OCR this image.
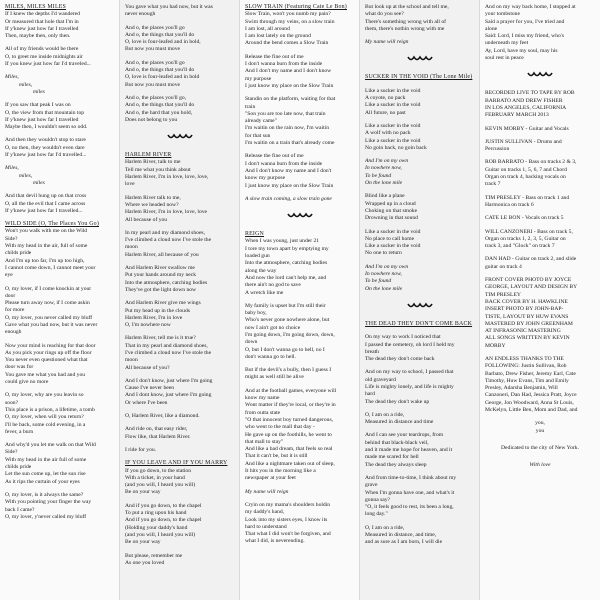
MILES, MILES MILES

If I knew the depths I'd wandered

Or measured that hole that I'm in

If y'knew just how far I travelled

Then, maybe then, only then.

All of my friends would be there

O, to greet me inside midnights air

If you knew just how far I'd traveled...

Miles,

miles,

miles

If you saw that peak I was on

O, the view from that mountain top

If y'knew just how far I travelled

Maybe then, I wouldn't seem so odd.

And then they wouldn't stop to stare

O, no then, they wouldn't even dare

If y'knew just how far I'd travelled...

Miles,

miles,

miles

And that devil hung up on that cross

O, all the the evil that I came across

If y'knew just how far I travelled...

WILD SIDE (O, The Places You Go)

Won't you walk with me on the Wild

Side?

With my head in the air, full of some

childs pride

And I'm up too far, I'm up too high,

I cannot come down, I cannot meet your

eye

O, my lover, if I come knockin at your

door

Please turn away now, if I come askin

for more

O, my lover, you never called my bluff

Gave what you had now, but it was never

enough

Now your mind is reaching for that door

As you pick your rings up off the floor

You never even questioned what that

door was for

You gave me what you had and you

could give no more

O, my lover, why are you leavin so

soon?

This place is a prison, a lifetime, a tomb

O, my lover, when will you return?

I'll be back, some cold evening, in a

fever, a burn

And why'd you let me walk on that Wild

Side?

With my head in the air full of some

childs pride

Let the sun come up, let the sun rise

As it rips the curtain of your eyes

O, my lover, is it always the same?

With you pointing your finger the way

back I came?

O, my lover, y'never called my bluff

You gave what you had now, but it was

never enough

And o, the places you'll go

And o, the things that you'll do

O, love is four-leafed and in bold,

But now you must move

And o, the places you'll go

And o, the things that you'll do

O, love is four-leafed and in bold

But now you must move

And o, the places you'll go,

And o, the things that you'll do

And o, the hard that you hold,

Does not belong to you

HARLEM RIVER

Harlem River, talk to me

Tell me what you think about

Harlem River, I'm in love, love, love,

love

Harlem River talk to me,

Where we headed now?

Harlem River, I'm in love, love, love

All because of you

In my pearl and my diamond shoes,

I've climbed a cloud now I've stole the

moon

Harlem River, all because of you

And Harlem River swallow me

Put your hands around my neck

Into the atmosphere, catching bodies

They've got the light down now

And Harlem River give me wings

Put my head up in the clouds

Harlem River, I'm in love

O, I'm nowhere now

Harlem River, tell me is it true?

That in my pearl and diamond shoes,

I've climbed a cloud now I've stole the

moon

All because of you?

And I don't know, just where I'm going

Cause I've never been

And I dont know, just where I'm going

Or where I've been

O, Harlem River, like a diamond.

And ride on, that easy rider,

Flow like, that Harlem River.

I ride for you.

IF YOU LEAVE AND IF YOU MARRY

If you go down, to the station

With a ticket, in your hand

(and you will, I heard you will)

Be on your way

And if you go down, to the chapel

To put a ring upon his hand

And if you go down, to the chapel

(Holding your daddy's hand

(and you will, I heard you will)

Be on your way

But please, remember me

As one you loved

SLOW TRAIN (Featuring Cate Le Bon)

Slow Train, won't you numb my pain?

Swim through my veins, on a slow train

I am lost, all around

I am lost lately on the ground

Around the bend comes a Slow Train

Release the fine out of me

I don't wanna burn from the inside

And I don't my name and I don't know

my purpose

I just know my place on the Slow Train

Standin on the platform, waiting for that

train

"Son you are too late now, that train

already came"

I'm waitin on the rain now, I'm waitin

for that sun

I'm waitin on a train that's already come

Release the fine out of me

I don't wanna burn from the inside

And I don't know my name and I don't

know my purpose

I just know my place on the Slow Train

A slow train coming, a slow train gone

REIGN

When I was young, just under 21

I tore my town apart by emptying my

loaded gun

Into the atmosphere, catching bodies

along the way

And now the lord can't help me, and

there ain't no god to save

A wretch like me

My family is upset but I'm still their

baby boy,

Who's never gone nowhere alone, but

now I ain't got no choice

I'm going down, I'm going down, down,

down

O, but I don't wanna go to hell, no I

don't wanna go to hell.

But if the devil's a bully, then I guess I

might as well still be alive

And at the football games, everyone will

know my name

Wont matter if they're local, or they're in

from outta state

"O that innocent boy turned dangerous,

who went to the mall that day -

He gave up on the foothills, he went to

that mall to stay"

And like a bad dream, that feels so real

That it can't be, but it is still

And like a nightmare taken out of sleep,

It hits you in the morning like a

newspaper at your feet

My name will reign

Cryin on my mama's shoulders holdin

my daddy's hand,

Look into my sisters eyes, I know its

hard to understand

That what I did won't be forgiven, and

what I did, is neverending.

But look up at the school and tell me,

what do you see?

There's something wrong with all of

them, there's nothin wrong with me

My name will reign

SUCKER IN THE VOID (The Lone Mile)

Like a sucker in the void

A coyote, no pack

Like a sucker in the void

All future, no past

Like a sucker in the void

A wolf with no pack

Like a sucker in the void

No goin back, no goin back

And I'm on my own

In nowhere now,

To be found

On the lone mile

Blind like a plane

Wrapped up in a cloud

Choking on that smoke

Drowning in that sound

Like a sucker in the void

No place to call home

Like a sucker in the void

No one to return

And I'm on my own

In nowhere now,

To be found

On the lone mile

THE DEAD THEY DON'T COME BACK

On my way to work I noticed that

I passed the cemetery, oh lord I held my

breath

The dead they don't come back

And on my way to school, I passed that

old graveyard

Life is mighty lonely, and life is mighty

hard

The dead they don't wake up

O, I am on a ride,

Measured in distance and time

And I can see your teardrops, from

behind that black-black veil,

and it made me hope for heaven, and it

made me scared for hell

The dead they always sleep

And from time-to-time, I think about my

grave

When I'm gonna have one, and what's it

gonna say?

"O, it feels good to rest, its been a long,

long day."

O, I am on a ride,

Measured in distance, and time,

and as sure as I am born, I will die

And on my way back home, I stopped at

your tombstone

Said a prayer for you, I've tried and

alone

Said: Lord, I miss my friend, who's

underneath my feet

Ay, Lord, have my soul, may his

soul rest in peace

RECORDED LIVE TO TAPE BY ROB

BARBATO AND DREW FISHER

IN LOS ANGELES, CALIFORNIA

FEBRUARY MARCH 2013

KEVIN MORBY - Guitar and Vocals

JUSTIN SULLIVAN - Drums and

Percussion

ROB BARBATO - Bass on tracks 2 & 3,

Guitar on tracks 1, 5, 6, 7 and Chord

Organ on track 4, backing vocals on

track 7

TIM PRESLEY - Bass on track 1 and

Harmonica on track 6

CATE LE BON - Vocals on track 5

WILL CANZONERI - Bass on track 5,

Organ on tracks 1, 2, 3, 5, Guitar on

track 3, and "Glock" on track 7

DAN HAD - Guitar on track 2, and slide

guitar on track 4

FRONT COVER PHOTO BY JOYCE

GEORGE, LAYOUT AND DESIGN BY

TIM PRESLEY

BACK COVER BY H. HAWKLINE

INSERT PHOTO BY JOHN-BAP-

TISTE, LAYOUT BY HUW EVANS

MASTERED BY JOHN GREENHAM

AT INFRASONIC MASTERING

ALL SONGS WRITTEN BY KEVIN

MORBY

AN ENDLESS THANKS TO THE

FOLLOWING: Justin Sullivan, Rob

Barbato, Drew Fisher, Jeremy Earl, Cate

Timothy, Huw Evans, Tim and Emily

Presley, Adarsha Benjamin, Will

Canzoneri, Dan Had, Jessica Pratt, Joyce

George, Jon Woodward, Anna St Louis,

McKelyn, Little Ben, Mom and Dad, and

you,

you

Dedicated to the city of New York.

With love
